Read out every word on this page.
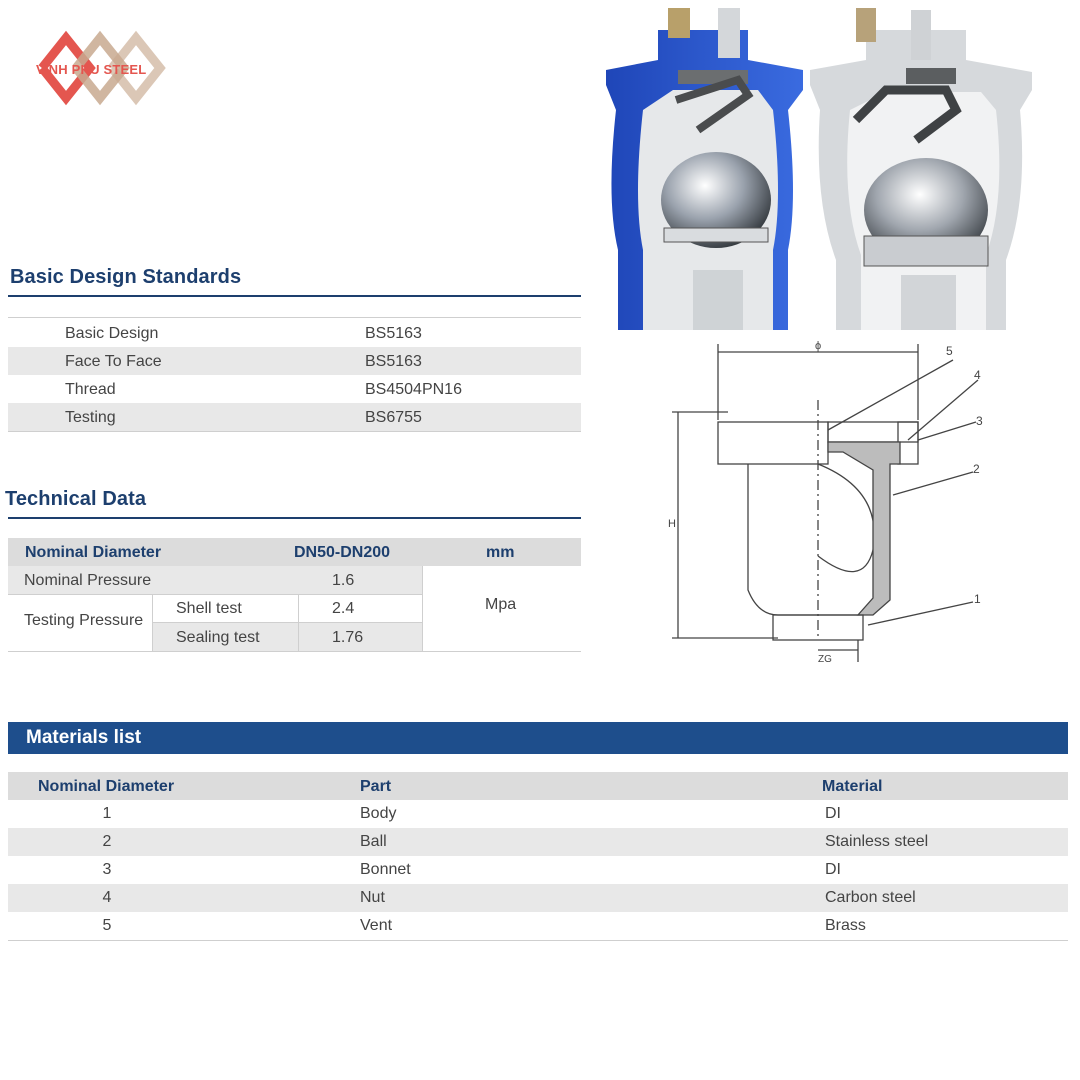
VINH PHU STEEL
Basic Design Standards
Basic Design	BS5163
Face To Face	BS5163
Thread	BS4504PN16
Testing	BS6755
Technical Data
Nominal Diameter	DN50-DN200	mm
Nominal Pressure	1.6
Testing Pressure
Shell test	2.4
Sealing test	1.76
Mpa
Materials list
Nominal Diameter	Part	Material
1	Body	DI
2	Ball	Stainless steel
3	Bonnet	DI
4	Nut	Carbon steel
5	Vent	Brass
ϕ
H
ZG
5
4
3
2
1
